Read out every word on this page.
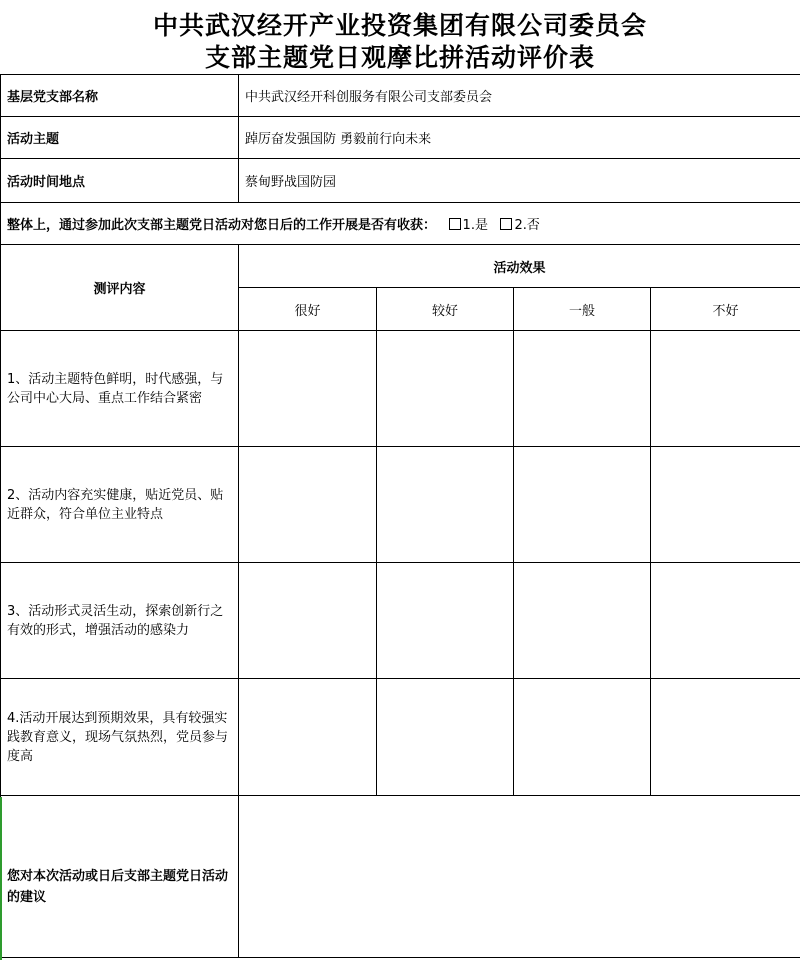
中共武汉经开产业投资集团有限公司委员会
支部主题党日观摩比拼活动评价表
基层党支部名称	中共武汉经开科创服务有限公司支部委员会			
活动主题	踔厉奋发强国防 勇毅前行向未来			
活动时间地点	蔡甸野战国防园			
整体上，通过参加此次支部主题党日活动对您日后的工作开展是否有收获： 1.是 2.否				
测评内容	活动效果			
	很好	较好	一般	不好
1、活动主题特色鲜明，时代感强，与公司中心大局、重点工作结合紧密				
2、活动内容充实健康，贴近党员、贴近群众，符合单位主业特点				
3、活动形式灵活生动，探索创新行之有效的形式，增强活动的感染力				
4.活动开展达到预期效果，具有较强实践教育意义，现场气氛热烈，党员参与度高				
您对本次活动或日后支部主题党日活动的建议				
